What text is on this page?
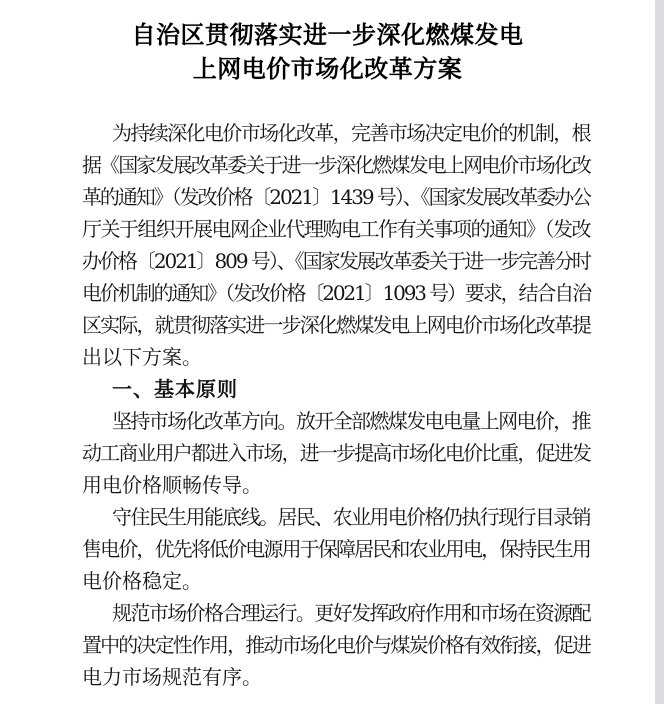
自治区贯彻落实进一步深化燃煤发电
上网电价市场化改革方案
为持续深化电价市场化改革，完善市场决定电价的机制，根
据《国家发展改革委关于进一步深化燃煤发电上网电价市场化改
革的通知》（发改价格〔2021〕1439 号）、《国家发展改革委办公
厅关于组织开展电网企业代理购电工作有关事项的通知》（发改
办价格〔2021〕809 号）、《国家发展改革委关于进一步完善分时
电价机制的通知》（发改价格〔2021〕1093 号）要求，结合自治
区实际，就贯彻落实进一步深化燃煤发电上网电价市场化改革提
出以下方案。
一、基本原则
坚持市场化改革方向。放开全部燃煤发电电量上网电价，推
动工商业用户都进入市场，进一步提高市场化电价比重，促进发
用电价格顺畅传导。
守住民生用能底线。居民、农业用电价格仍执行现行目录销
售电价，优先将低价电源用于保障居民和农业用电，保持民生用
电价格稳定。
规范市场价格合理运行。更好发挥政府作用和市场在资源配
置中的决定性作用，推动市场化电价与煤炭价格有效衔接，促进
电力市场规范有序。
